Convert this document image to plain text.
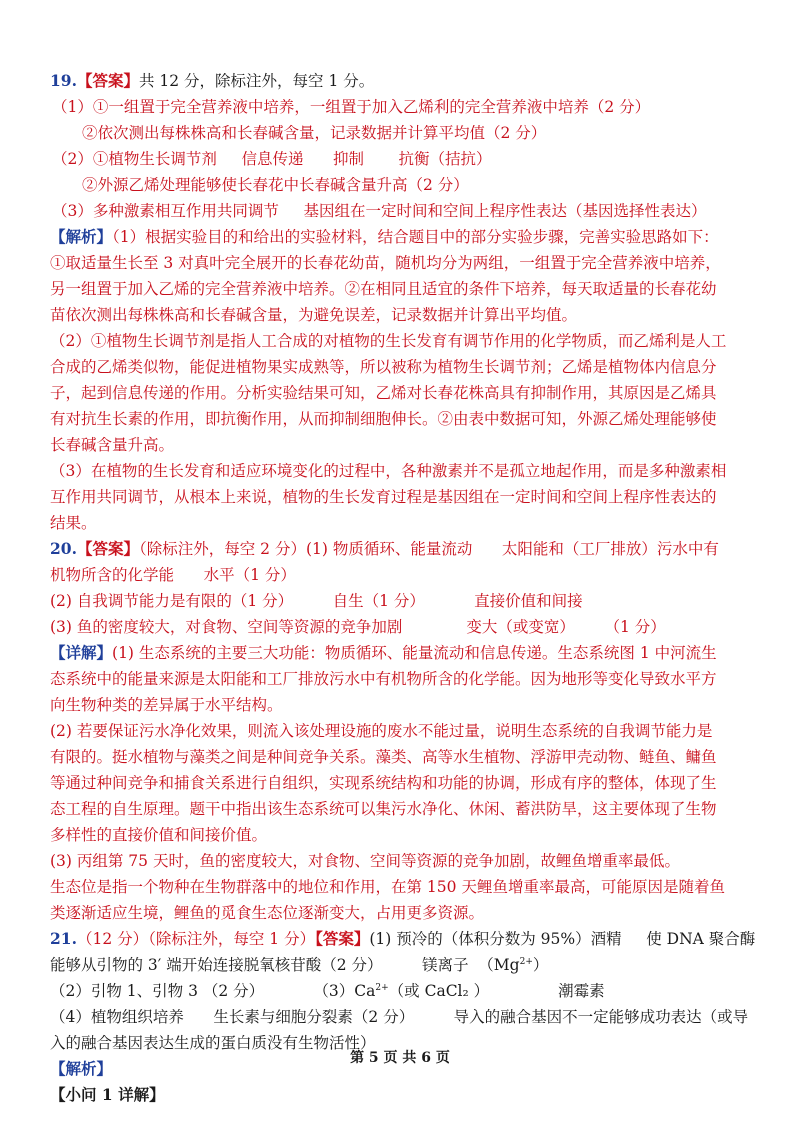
19.【答案】共 12 分，除标注外，每空 1 分。
（1）①一组置于完全营养液中培养，一组置于加入乙烯利的完全营养液中培养（2 分）
②依次测出每株株高和长春碱含量，记录数据并计算平均值（2 分）
（2）①植物生长调节剂     信息传递      抑制       抗衡（拮抗）
②外源乙烯处理能够使长春花中长春碱含量升高（2 分）
（3）多种激素相互作用共同调节     基因组在一定时间和空间上程序性表达（基因选择性表达）
【解析】（1）根据实验目的和给出的实验材料，结合题目中的部分实验步骤，完善实验思路如下：
①取适量生长至 3 对真叶完全展开的长春花幼苗，随机均分为两组，一组置于完全营养液中培养，
另一组置于加入乙烯的完全营养液中培养。②在相同且适宜的条件下培养，每天取适量的长春花幼
苗依次测出每株株高和长春碱含量，为避免误差，记录数据并计算出平均值。
（2）①植物生长调节剂是指人工合成的对植物的生长发育有调节作用的化学物质，而乙烯利是人工
合成的乙烯类似物，能促进植物果实成熟等，所以被称为植物生长调节剂；乙烯是植物体内信息分
子，起到信息传递的作用。分析实验结果可知，乙烯对长春花株高具有抑制作用，其原因是乙烯具
有对抗生长素的作用，即抗衡作用，从而抑制细胞伸长。②由表中数据可知，外源乙烯处理能够使
长春碱含量升高。
（3）在植物的生长发育和适应环境变化的过程中，各种激素并不是孤立地起作用，而是多种激素相
互作用共同调节，从根本上来说，植物的生长发育过程是基因组在一定时间和空间上程序性表达的
结果。
20.【答案】（除标注外，每空 2 分）(1) 物质循环、能量流动      太阳能和（工厂排放）污水中有
机物所含的化学能      水平（1 分）
(2) 自我调节能力是有限的（1 分）        自生（1 分）          直接价值和间接
(3) 鱼的密度较大，对食物、空间等资源的竞争加剧             变大（或变宽）      （1 分）
【详解】(1) 生态系统的主要三大功能：物质循环、能量流动和信息传递。生态系统图 1 中河流生
态系统中的能量来源是太阳能和工厂排放污水中有机物所含的化学能。因为地形等变化导致水平方
向生物种类的差异属于水平结构。
(2) 若要保证污水净化效果，则流入该处理设施的废水不能过量，说明生态系统的自我调节能力是
有限的。挺水植物与藻类之间是种间竞争关系。藻类、高等水生植物、浮游甲壳动物、鲢鱼、鳙鱼
等通过种间竞争和捕食关系进行自组织，实现系统结构和功能的协调，形成有序的整体，体现了生
态工程的自生原理。题干中指出该生态系统可以集污水净化、休闲、蓄洪防旱，这主要体现了生物
多样性的直接价值和间接价值。
(3) 丙组第 75 天时，鱼的密度较大，对食物、空间等资源的竞争加剧，故鲤鱼增重率最低。
生态位是指一个物种在生物群落中的地位和作用，在第 150 天鲤鱼增重率最高，可能原因是随着鱼
类逐渐适应生境，鲤鱼的觅食生态位逐渐变大，占用更多资源。
21.（12 分）（除标注外，每空 1 分）【答案】(1) 预冷的（体积分数为 95%）酒精     使 DNA 聚合酶
能够从引物的 3′ 端开始连接脱氧核苷酸（2 分）        镁离子  $(Mg^{2+})$
（2）引物 1、引物 3 （2 分）          $(3)Ca^{2+}$（或 CaCl₂ ）              潮霉素
（4）植物组织培养      生长素与细胞分裂素（2 分）        导入的融合基因不一定能够成功表达（或导
入的融合基因表达生成的蛋白质没有生物活性）
【解析】
【小问 1 详解】
第 5 页 共 6 页
